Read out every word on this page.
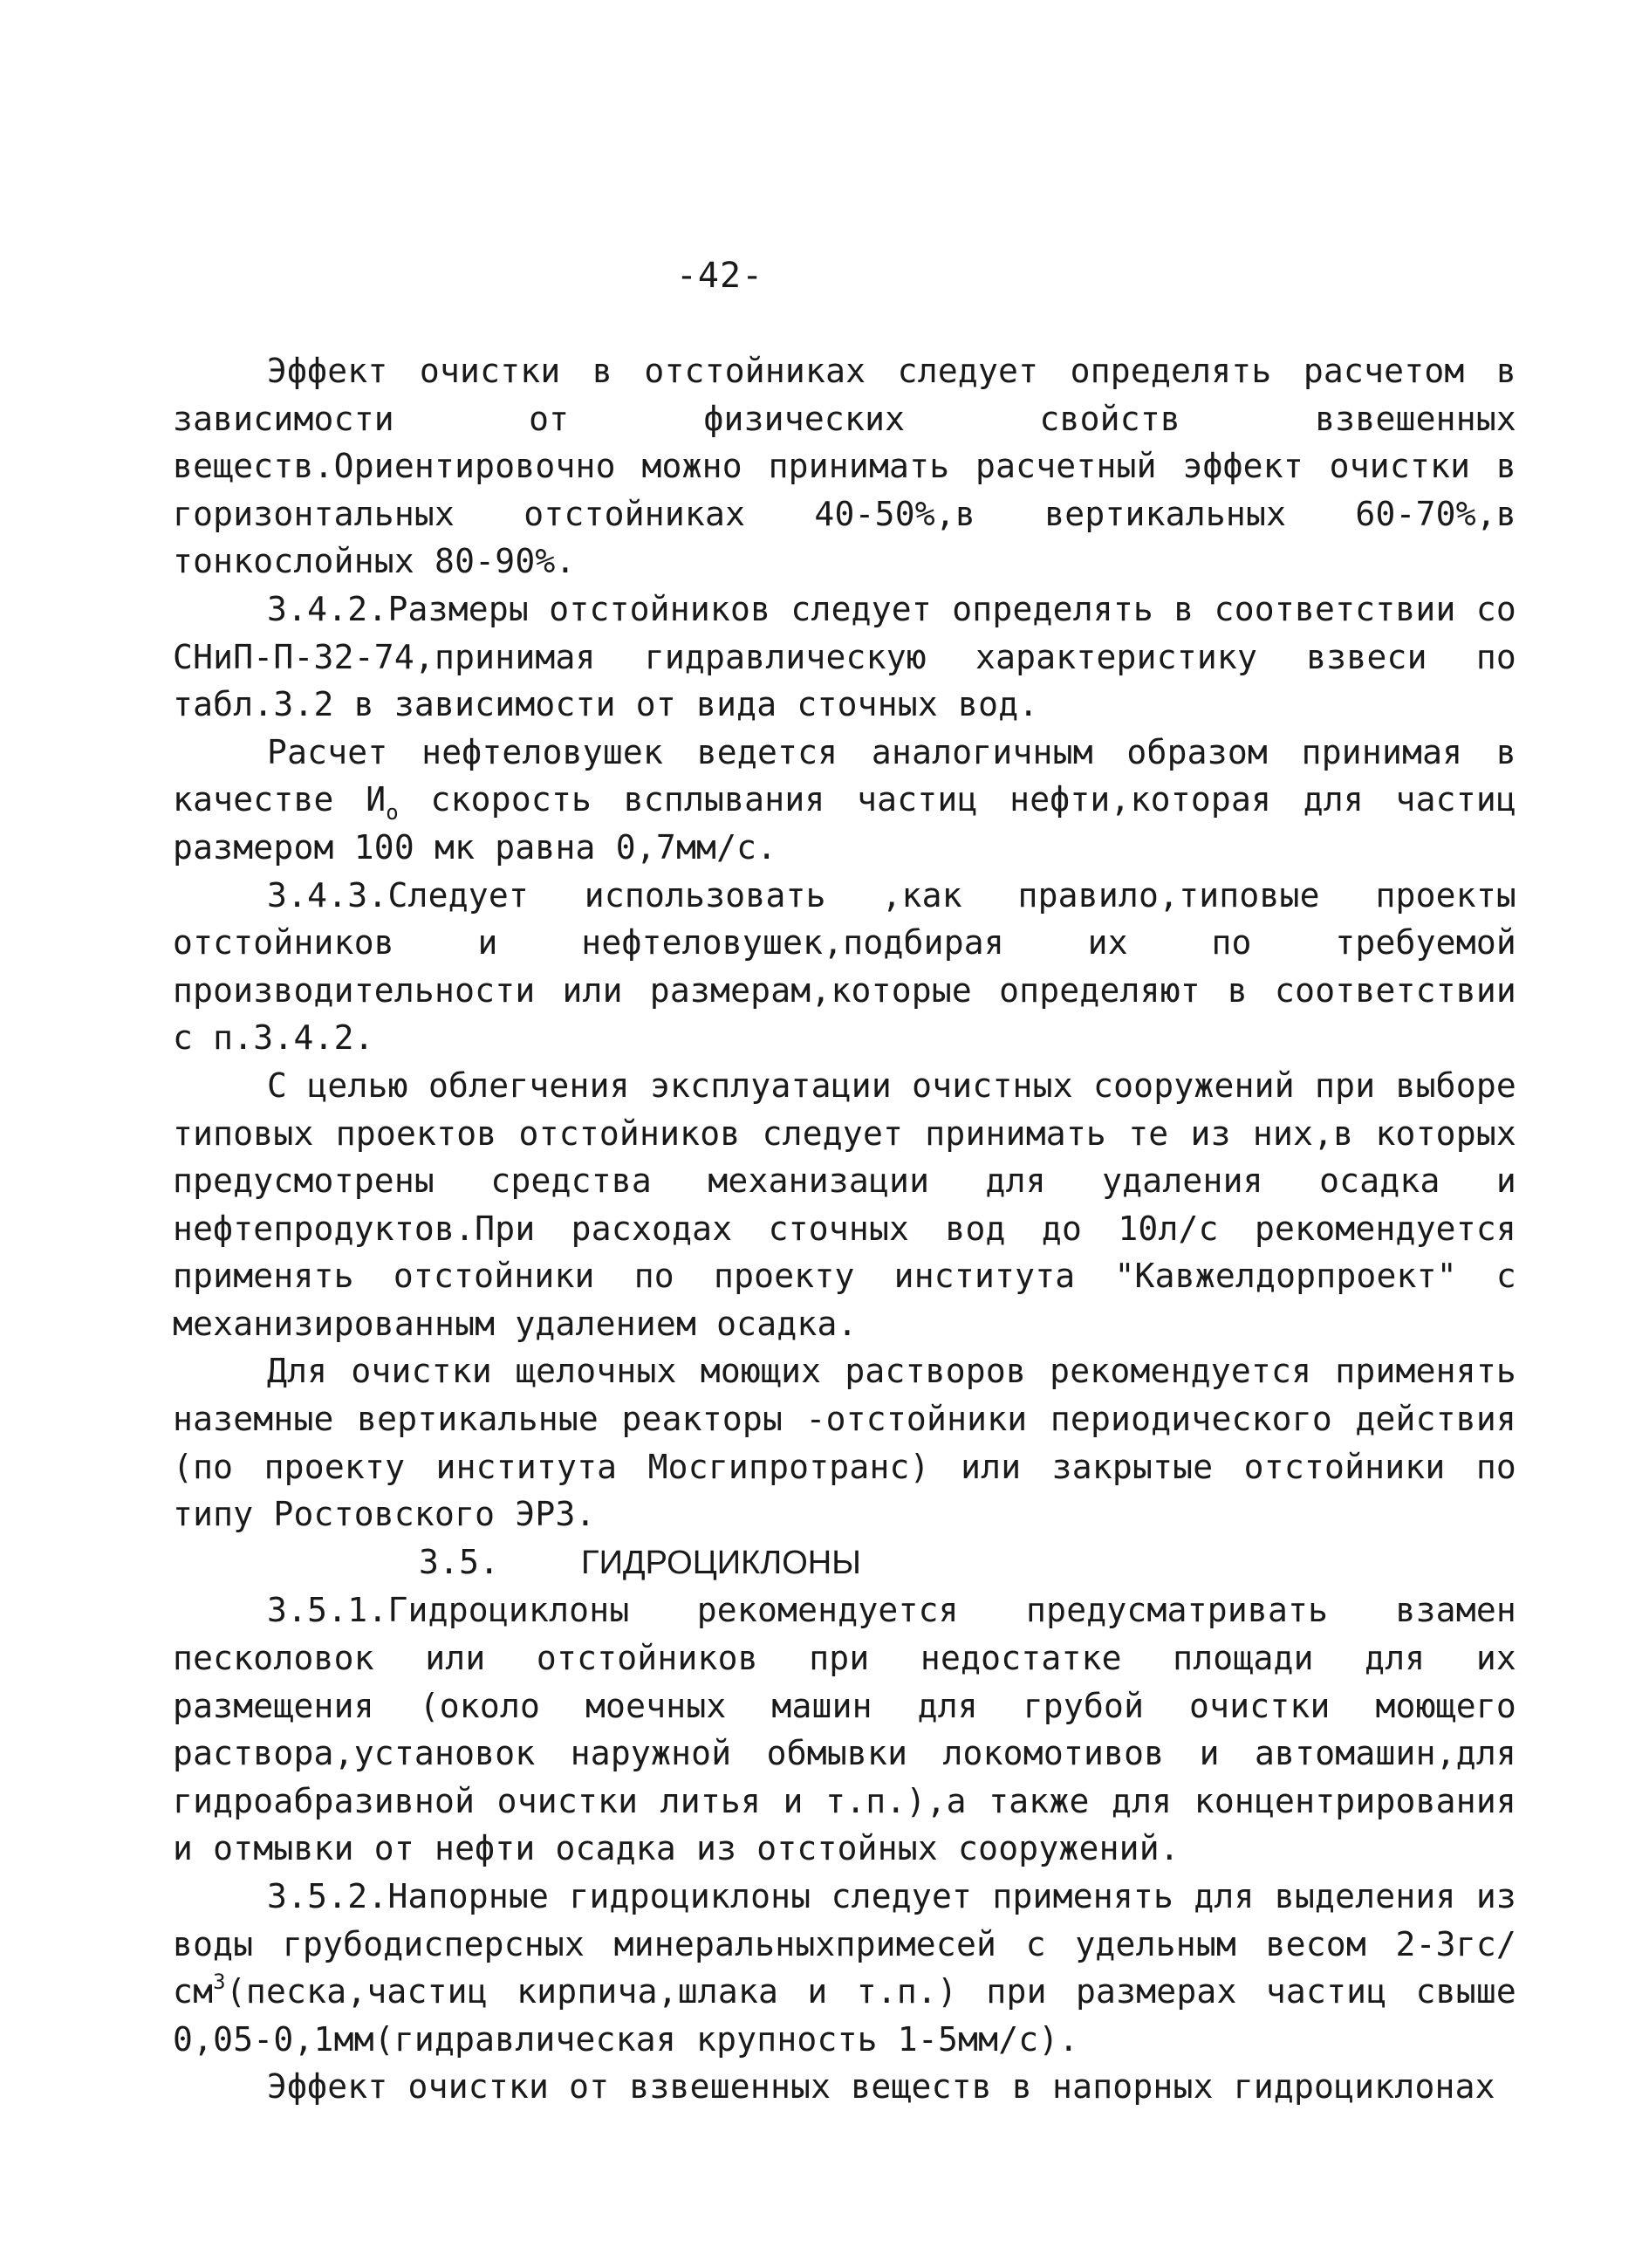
-42-

Эффект очистки в отстойниках следует определять расчетом в зависимости от физических свойств взвешенных веществ.Ориентировочно можно принимать расчетный эффект очистки в горизонтальных отстойниках 40-50%,в вертикальных 60-70%,в тонкослойных 80-90%.

3.4.2.Размеры отстойников следует определять в соответствии со СНиП-П-32-74,принимая гидравлическую характеристику взвеси по табл.3.2 в зависимости от вида сточных вод.

Расчет нефтеловушек ведется аналогичным образом принимая в качестве $И_о$ скорость всплывания частиц нефти,которая для частиц размером 100 мк равна 0,7мм/с.

3.4.3.Следует использовать ,как правило,типовые проекты отстойников и нефтеловушек,подбирая их по требуемой производительности или размерам,которые определяют в соответствии с п.3.4.2.

С целью облегчения эксплуатации очистных сооружений при выборе типовых проектов отстойников следует принимать те из них,в которых предусмотрены средства механизации для удаления осадка и нефтепродуктов.При расходах сточных вод до 10л/с рекомендуется применять отстойники по проекту института "Кавжелдорпроект" с механизированным удалением осадка.

Для очистки щелочных моющих растворов рекомендуется применять наземные вертикальные реакторы -отстойники периодического действия (по проекту института Мосгипротранс) или закрытые отстойники по типу Ростовского ЭРЗ.

3.5. ГИДРОЦИКЛОНЫ

3.5.1.Гидроциклоны рекомендуется предусматривать взамен песколовок или отстойников при недостатке площади для их размещения (около моечных машин для грубой очистки моющего раствора,установок наружной обмывки локомотивов и автомашин,для гидроабразивной очистки литья и т.п.),а также для концентрирования и отмывки от нефти осадка из отстойных сооружений.

3.5.2.Напорные гидроциклоны следует применять для выделения из воды грубодисперсных минеральныхпримесей с удельным весом $2-3гс/см^3(песка,частиц$ кирпича,шлака и т.п.) при размерах частиц свыше 0,05-0,1мм(гидравлическая крупность 1-5мм/с).

Эффект очистки от взвешенных веществ в напорных гидроциклонах
